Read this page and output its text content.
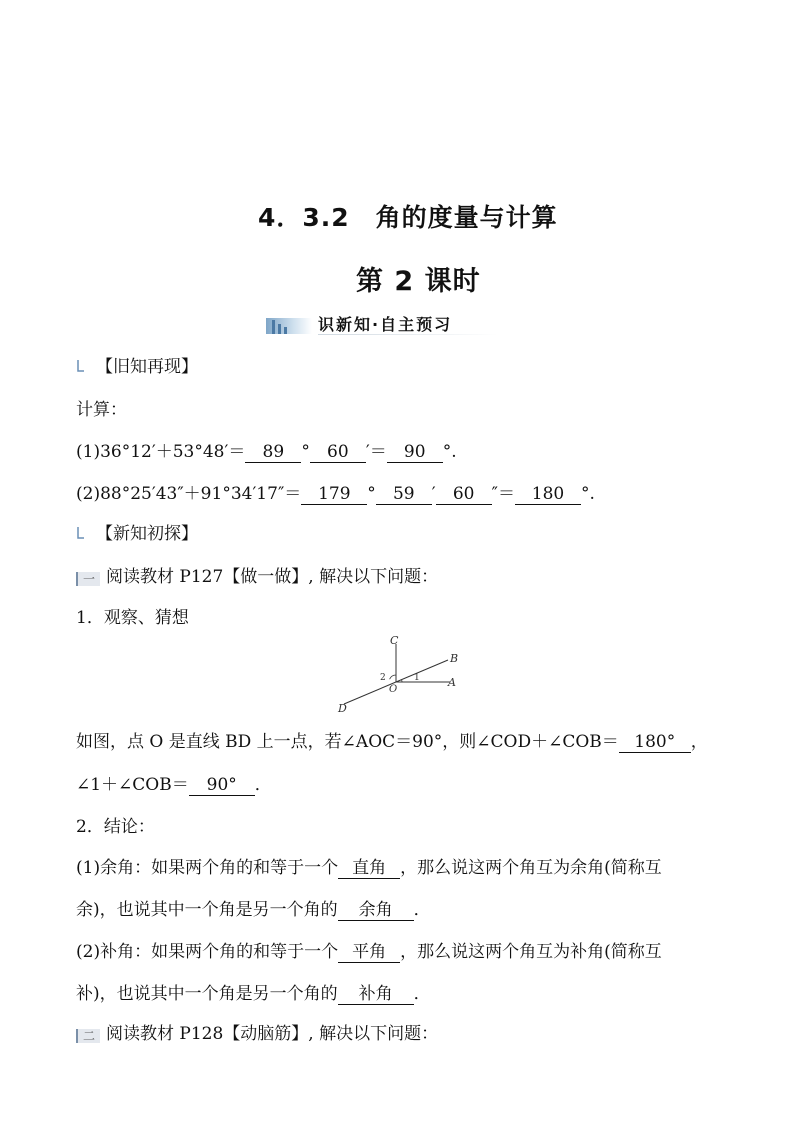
4．3.2　角的度量与计算
第 2 课时
识新知·自主预习
【旧知再现】
计算：
(1)36°12′＋53°48′＝ 89 ° 60 ′＝ 90 °.
(2)88°25′43″＋91°34′17″＝ 179 ° 59 ′ 60 ″＝ 180 °.
【新知初探】
一 阅读教材 P127【做一做】, 解决以下问题：
1．观察、猜想
C
B
A
D
O
1
2
如图，点 O 是直线 BD 上一点，若∠AOC＝90°，则∠COD＋∠COB＝ 180° ，
∠1＋∠COB＝ 90° ．
2．结论：
(1)余角：如果两个角的和等于一个 直角 ，那么说这两个角互为余角(简称互
余)，也说其中一个角是另一个角的 余角 ．
(2)补角：如果两个角的和等于一个 平角 ，那么说这两个角互为补角(简称互
补)，也说其中一个角是另一个角的 补角 ．
二 阅读教材 P128【动脑筋】, 解决以下问题：
